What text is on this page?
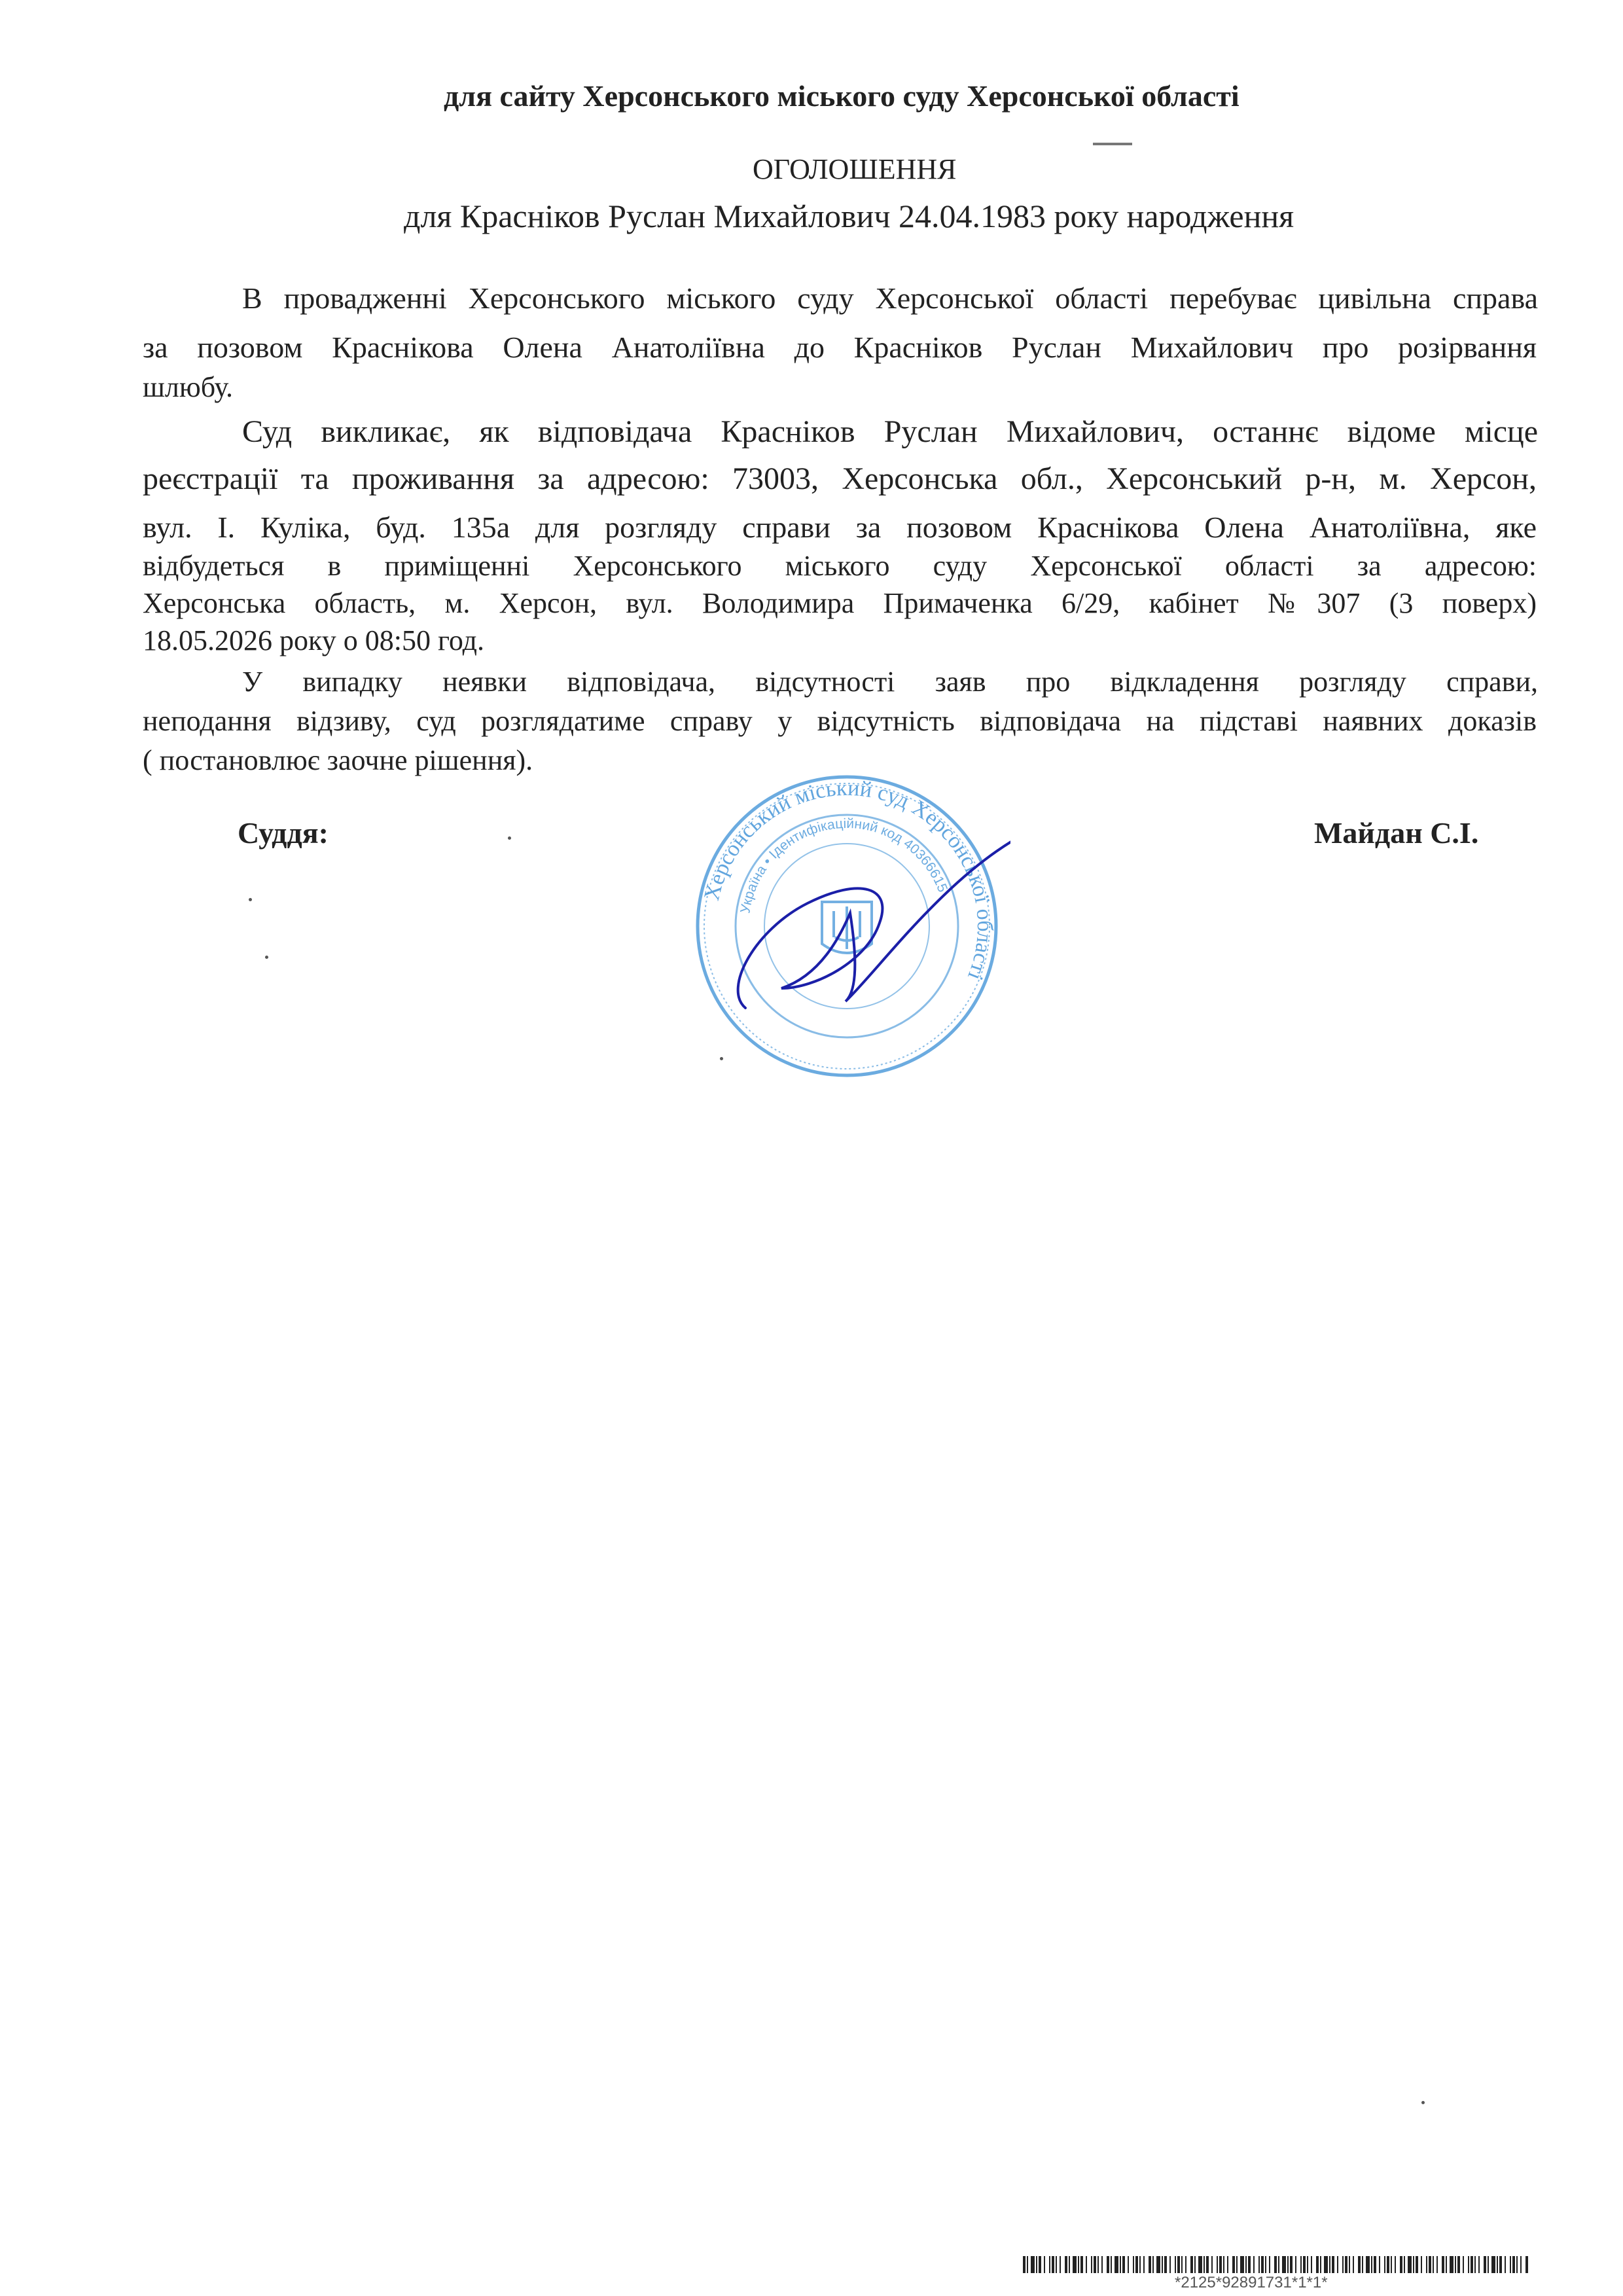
для сайту Херсонського міського суду Херсонської області
ОГОЛОШЕННЯ
для Красніков Руслан Михайлович 24.04.1983 року народження
В провадженні Херсонського міського суду Херсонської області перебуває цивільна справа
за позовом Краснікова Олена Анатоліївна до Красніков Руслан Михайлович про розірвання
шлюбу.
Суд викликає, як відповідача Красніков Руслан Михайлович, останнє відоме місце
реєстрації та проживання за адресою: 73003, Херсонська обл., Херсонський р-н, м. Херсон,
вул. І. Куліка, буд. 135а для розгляду справи за позовом Краснікова Олена Анатоліївна, яке
відбудеться в приміщенні Херсонського міського суду Херсонської області за адресою:
Херсонська область, м. Херсон, вул. Володимира Примаченка 6/29, кабінет №307 (3 поверх)
18.05.2026 року о 08:50 год.
У випадку неявки відповідача, відсутності заяв про відкладення розгляду справи,
неподання відзиву, суд розглядатиме справу у відсутність відповідача на підставі наявних доказів
( постановлює заочне рішення).
Суддя:	Майдан С.І.
Херсонський міський суд Херсонської області
Україна • Ідентифікаційний код 40366615
*2125*92891731*1*1*
